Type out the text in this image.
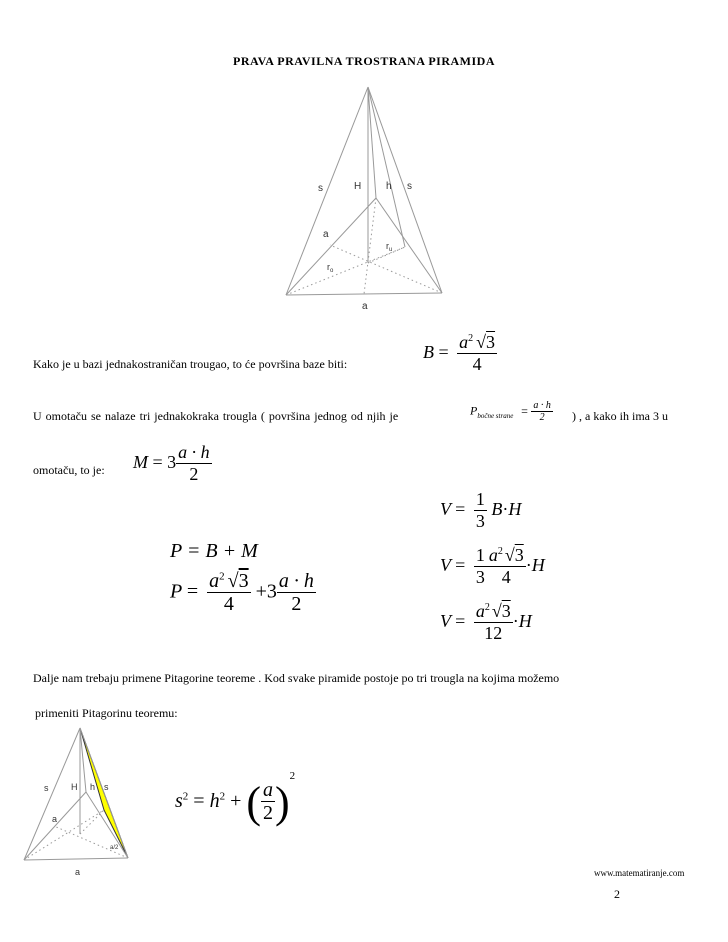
PRAVA PRAVILNA TROSTRANA PIRAMIDA
s	H h s
a
$r_u$
$r_o$
a
Kako je u bazi jednakostraničan trougao, to će površina baze biti:
$B = \frac{a^2 √3}{4}$
U omotaču se nalaze tri jednakokraka trougla ( površina jednog od njih je	$P_{bočne strane} = \frac{a \cdot h}{2}$ ) , a kako ih ima 3 u
omotaču, to je: $M = 3 \frac{a \cdot h}{2}$
P = B + M
$P = \frac{a^2 √3}{4} +3 \frac{a \cdot h}{2}$
$V = \frac{1}{3} B\cdot H$
$V = \frac{1}{3} \frac{a^2 √3}{4} \cdot H$
$V = \frac{a^2 √3}{12} \cdot H$
Dalje nam trebaju primene Pitagorine teoreme . Kod svake piramide postoje po tri trougla na kojima možemo
primeniti Pitagorinu teoremu:
s	H h s
a
a/2
a
$s^2 = h^2$ + ( $\frac{a}{2} )^2$
www.matematiranje.com
2
